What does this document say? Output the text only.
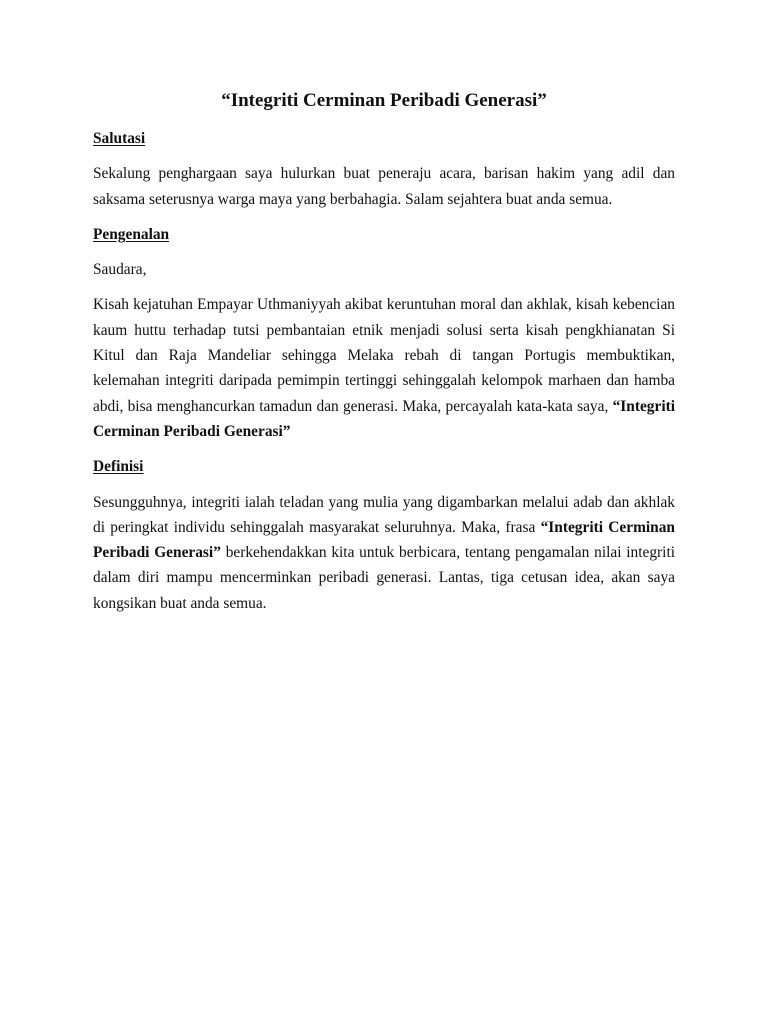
“Integriti Cerminan Peribadi Generasi”
Salutasi

Sekalung penghargaan saya hulurkan buat peneraju acara, barisan hakim yang adil dan saksama seterusnya warga maya yang berbahagia. Salam sejahtera buat anda semua.

Pengenalan

Saudara,

Kisah kejatuhan Empayar Uthmaniyyah akibat keruntuhan moral dan akhlak, kisah kebencian kaum huttu terhadap tutsi pembantaian etnik menjadi solusi serta kisah pengkhianatan Si Kitul dan Raja Mandeliar sehingga Melaka rebah di tangan Portugis membuktikan, kelemahan integriti daripada pemimpin tertinggi sehinggalah kelompok marhaen dan hamba abdi, bisa menghancurkan tamadun dan generasi. Maka, percayalah kata-kata saya, “Integriti Cerminan Peribadi Generasi”

Definisi

Sesungguhnya, integriti ialah teladan yang mulia yang digambarkan melalui adab dan akhlak di peringkat individu sehinggalah masyarakat seluruhnya. Maka, frasa “Integriti Cerminan Peribadi Generasi” berkehendakkan kita untuk berbicara, tentang pengamalan nilai integriti dalam diri mampu mencerminkan peribadi generasi. Lantas, tiga cetusan idea, akan saya kongsikan buat anda semua.
